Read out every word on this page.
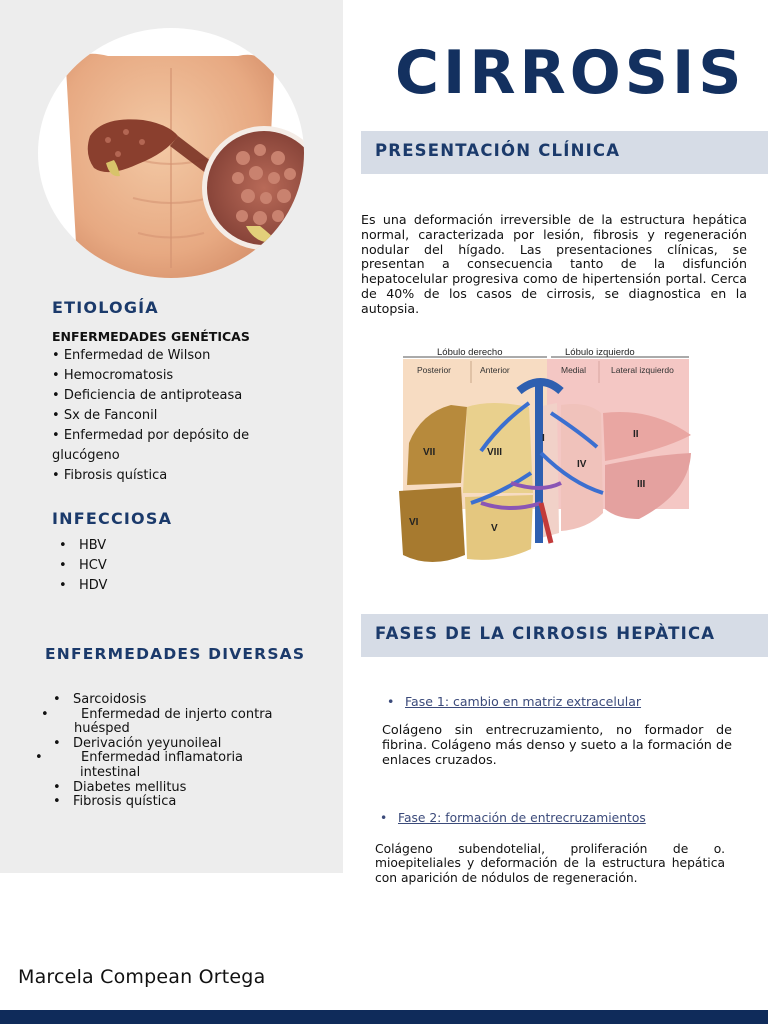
ETIOLOGÍA
ENFERMEDADES GENÉTICAS
• Enfermedad de Wilson
• Hemocromatosis
• Deficiencia de antiproteasa
• Sx de Fanconil
• Enfermedad por depósito de glucógeno
• Fibrosis quística
INFECCIOSA
• HBV
• HCV
• HDV
ENFERMEDADES DIVERSAS
• Sarcoidosis
• Enfermedad de injerto contra huésped
• Derivación yeyunoileal
• Enfermedad inflamatoria intestinal
• Diabetes mellitus
• Fibrosis quística
CIRROSIS
PRESENTACIÓN CLÍNICA
Es una deformación irreversible de la estructura hepática normal, caracterizada por lesión, fibrosis y regeneración nodular del hígado. Las presentaciones clínicas, se presentan a consecuencia tanto de la disfunción hepatocelular progresiva como de hipertensión portal. Cerca de 40% de los casos de cirrosis, se diagnostica en la autopsia.
Lóbulo derecho	Lóbulo izquierdo
Posterior	Anterior	Medial	Lateral izquierdo
VII	VIII
I
IV
II
III
VI
V
FASES DE LA CIRROSIS HEPÀTICA
• Fase 1: cambio en matriz extracelular
Colágeno sin entrecruzamiento, no formador de fibrina. Colágeno más denso y sueto a la formación de enlaces cruzados.
• Fase 2: formación de entrecruzamientos
Colágeno subendotelial, proliferación de o. mioepiteliales y deformación de la estructura hepática con aparición de nódulos de regeneración.
Marcela Compean Ortega
